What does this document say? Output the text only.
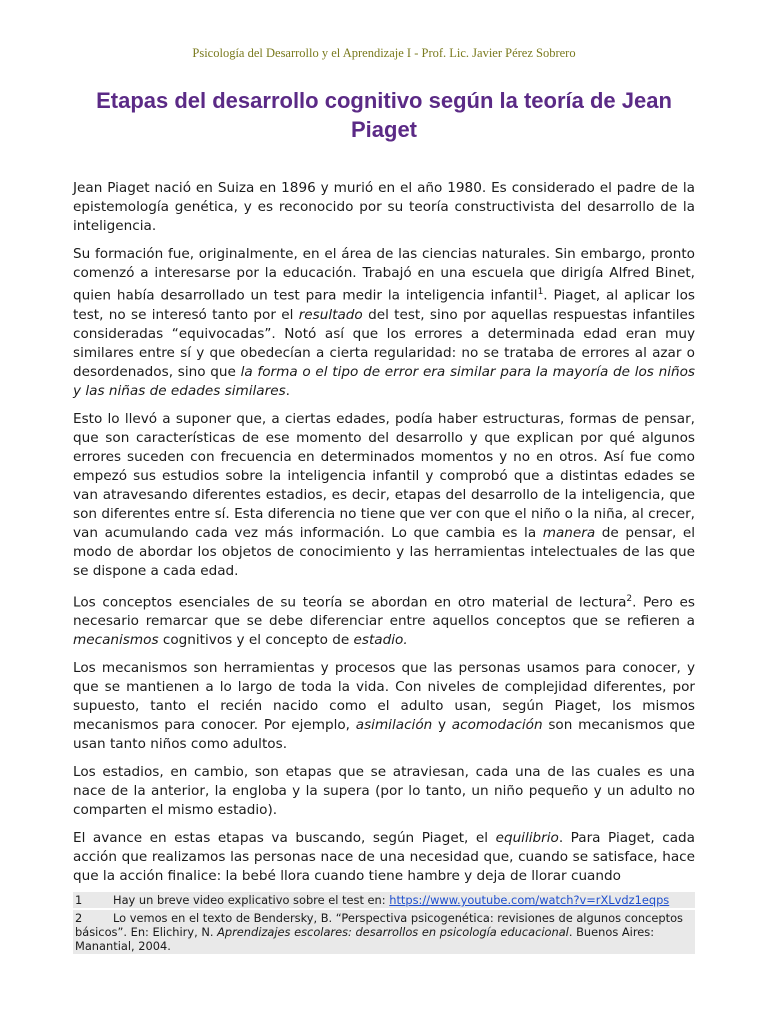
Psicología del Desarrollo y el Aprendizaje I - Prof. Lic. Javier Pérez Sobrero
Etapas del desarrollo cognitivo según la teoría de Jean Piaget

Jean Piaget nació en Suiza en 1896 y murió en el año 1980. Es considerado el padre de la epistemología genética, y es reconocido por su teoría constructivista del desarrollo de la inteligencia.

Su formación fue, originalmente, en el área de las ciencias naturales. Sin embargo, pronto comenzó a interesarse por la educación. Trabajó en una escuela que dirigía Alfred Binet, quien había desarrollado un test para medir la inteligencia infantil$^1$. Piaget, al aplicar los test, no se interesó tanto por el resultado del test, sino por aquellas respuestas infantiles consideradas “equivocadas”. Notó así que los errores a determinada edad eran muy similares entre sí y que obedecían a cierta regularidad: no se trataba de errores al azar o desordenados, sino que la forma o el tipo de error era similar para la mayoría de los niños y las niñas de edades similares.

Esto lo llevó a suponer que, a ciertas edades, podía haber estructuras, formas de pensar, que son características de ese momento del desarrollo y que explican por qué algunos errores suceden con frecuencia en determinados momentos y no en otros. Así fue como empezó sus estudios sobre la inteligencia infantil y comprobó que a distintas edades se van atravesando diferentes estadios, es decir, etapas del desarrollo de la inteligencia, que son diferentes entre sí. Esta diferencia no tiene que ver con que el niño o la niña, al crecer, van acumulando cada vez más información. Lo que cambia es la manera de pensar, el modo de abordar los objetos de conocimiento y las herramientas intelectuales de las que se dispone a cada edad.

Los conceptos esenciales de su teoría se abordan en otro material de lectura$^2$. Pero es necesario remarcar que se debe diferenciar entre aquellos conceptos que se refieren a mecanismos cognitivos y el concepto de estadio.

Los mecanismos son herramientas y procesos que las personas usamos para conocer, y que se mantienen a lo largo de toda la vida. Con niveles de complejidad diferentes, por supuesto, tanto el recién nacido como el adulto usan, según Piaget, los mismos mecanismos para conocer. Por ejemplo, asimilación y acomodación son mecanismos que usan tanto niños como adultos.

Los estadios, en cambio, son etapas que se atraviesan, cada una de las cuales es una nace de la anterior, la engloba y la supera (por lo tanto, un niño pequeño y un adulto no comparten el mismo estadio).

El avance en estas etapas va buscando, según Piaget, el equilibrio. Para Piaget, cada acción que realizamos las personas nace de una necesidad que, cuando se satisface, hace que la acción finalice: la bebé llora cuando tiene hambre y deja de llorar cuando

1	Hay un breve video explicativo sobre el test en: https://www.youtube.com/watch?v=rXLvdz1eqps
2	Lo vemos en el texto de Bendersky, B. “Perspectiva psicogenética: revisiones de algunos conceptos básicos”. En: Elichiry, N. Aprendizajes escolares: desarrollos en psicología educacional. Buenos Aires: Manantial, 2004.
